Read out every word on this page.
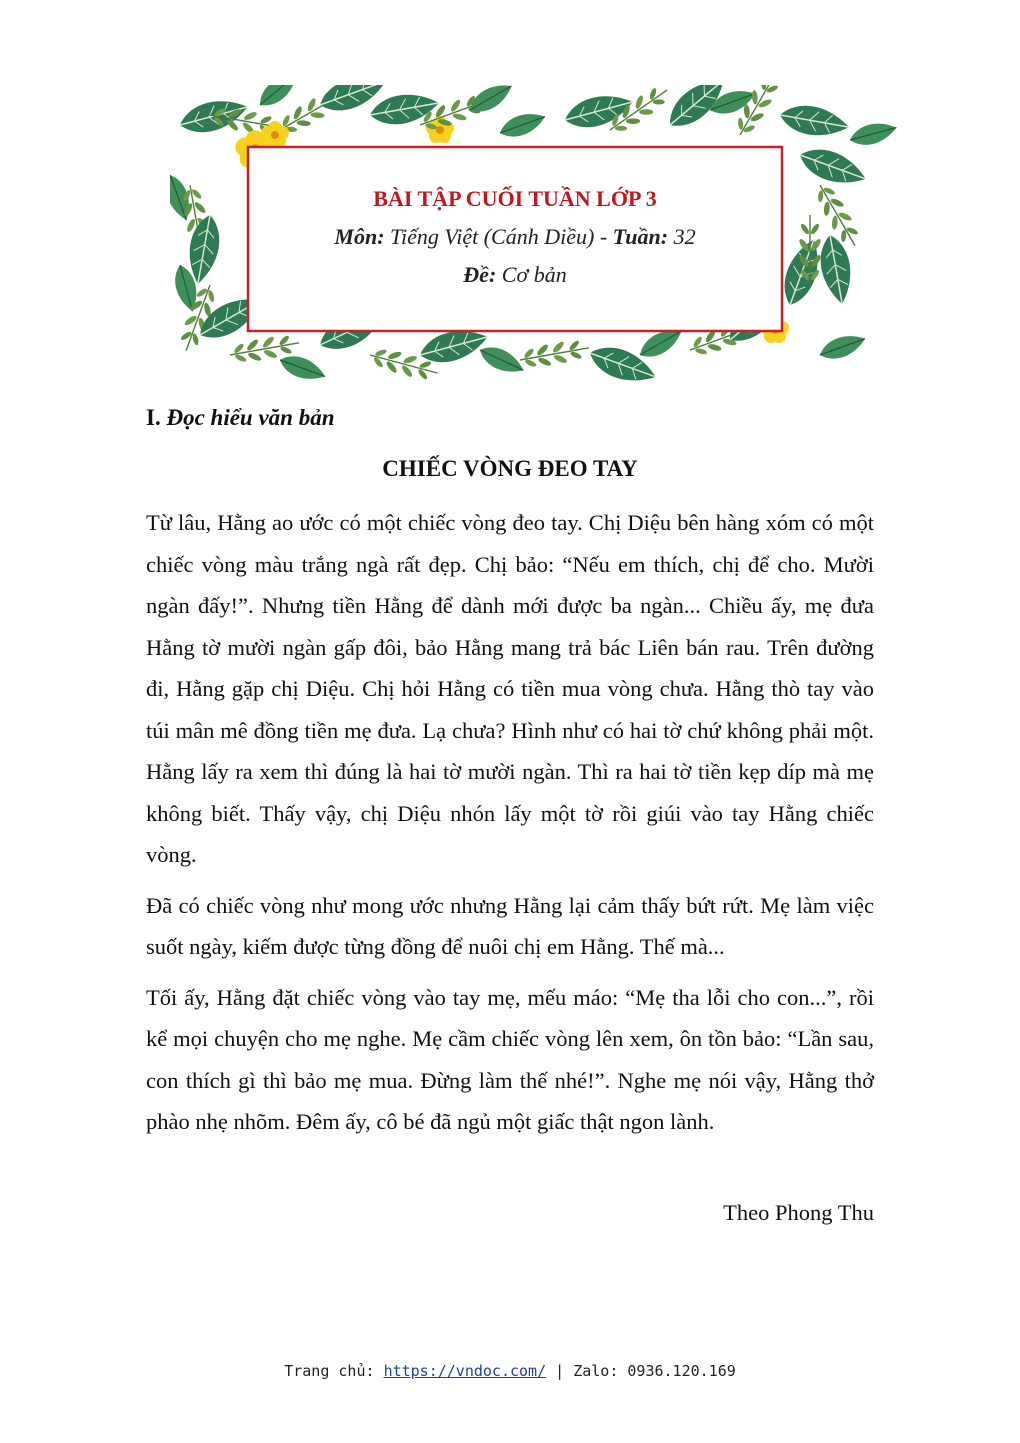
BÀI TẬP CUỐI TUẦN LỚP 3
Môn: Tiếng Việt (Cánh Diều) - Tuần: 32
Đề: Cơ bản
I. Đọc hiểu văn bản
CHIẾC VÒNG ĐEO TAY

Từ lâu, Hằng ao ước có một chiếc vòng đeo tay. Chị Diệu bên hàng xóm có một chiếc vòng màu trắng ngà rất đẹp. Chị bảo: “Nếu em thích, chị để cho. Mười ngàn đấy!”. Nhưng tiền Hằng để dành mới được ba ngàn... Chiều ấy, mẹ đưa Hằng tờ mười ngàn gấp đôi, bảo Hằng mang trả bác Liên bán rau. Trên đường đi, Hằng gặp chị Diệu. Chị hỏi Hằng có tiền mua vòng chưa. Hằng thò tay vào túi mân mê đồng tiền mẹ đưa. Lạ chưa? Hình như có hai tờ chứ không phải một. Hằng lấy ra xem thì đúng là hai tờ mười ngàn. Thì ra hai tờ tiền kẹp díp mà mẹ không biết. Thấy vậy, chị Diệu nhón lấy một tờ rồi giúi vào tay Hằng chiếc vòng.

Đã có chiếc vòng như mong ước nhưng Hằng lại cảm thấy bứt rứt. Mẹ làm việc suốt ngày, kiếm được từng đồng để nuôi chị em Hằng. Thế mà...

Tối ấy, Hằng đặt chiếc vòng vào tay mẹ, mếu máo: “Mẹ tha lỗi cho con...”, rồi kể mọi chuyện cho mẹ nghe. Mẹ cầm chiếc vòng lên xem, ôn tồn bảo: “Lần sau, con thích gì thì bảo mẹ mua. Đừng làm thế nhé!”. Nghe mẹ nói vậy, Hằng thở phào nhẹ nhõm. Đêm ấy, cô bé đã ngủ một giấc thật ngon lành.

Theo Phong Thu
Trang chủ: https://vndoc.com/ | Zalo: 0936.120.169
